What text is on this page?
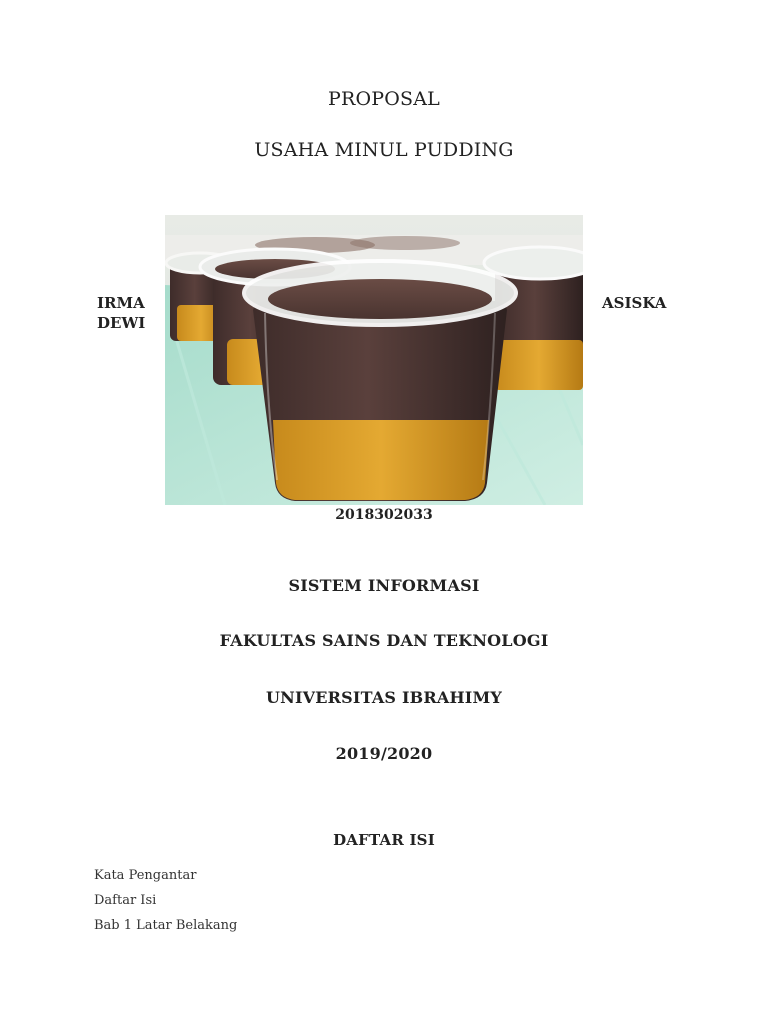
PROPOSAL
USAHA MINUL PUDDING
IRMA
DEWI
ASISKA
2018302033
SISTEM INFORMASI
FAKULTAS SAINS DAN TEKNOLOGI
UNIVERSITAS IBRAHIMY
2019/2020
DAFTAR ISI
Kata Pengantar
Daftar Isi
Bab 1 Latar Belakang
